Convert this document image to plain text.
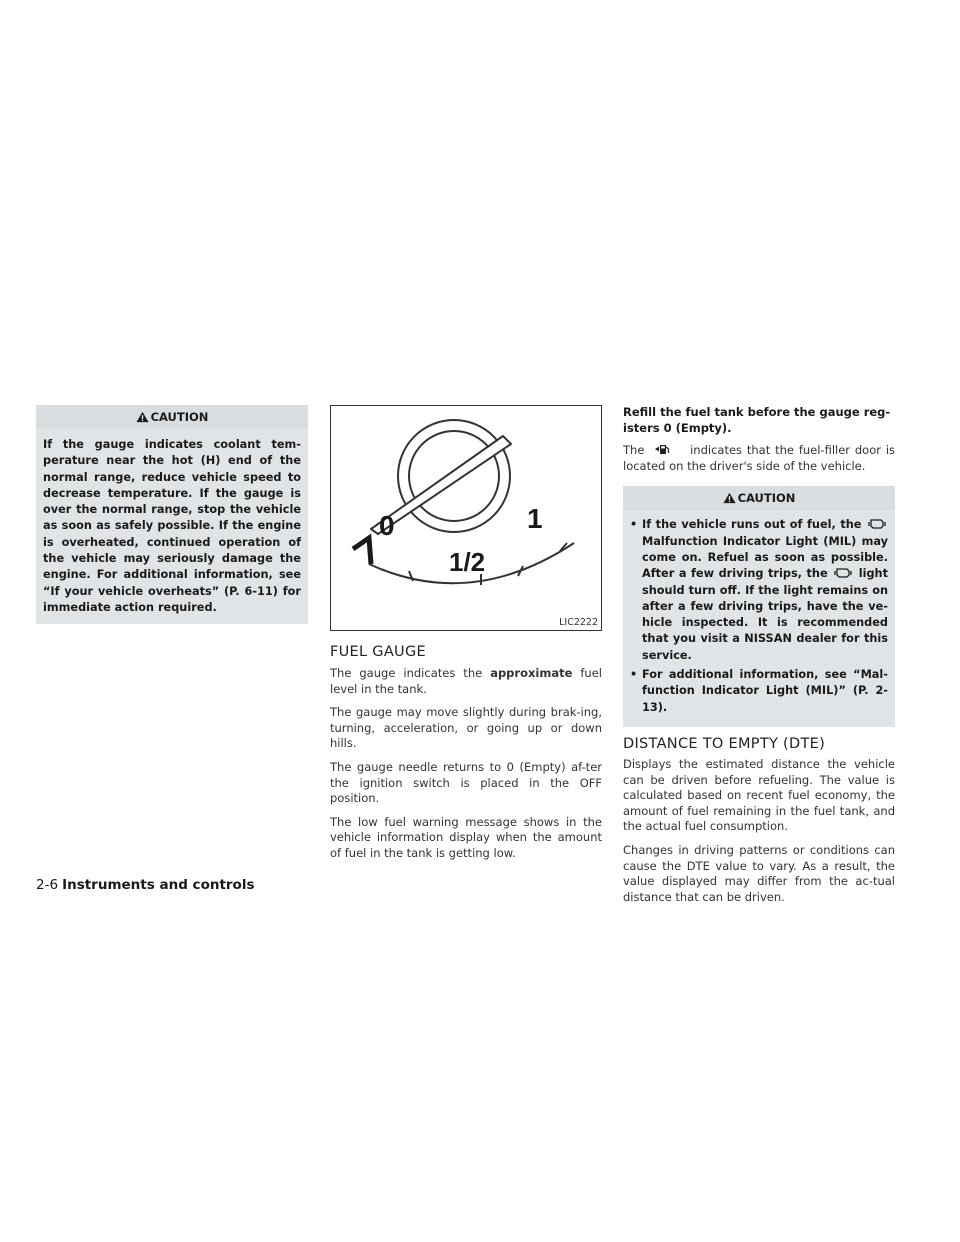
CAUTION
If the gauge indicates coolant tem-perature near the hot (H) end of the normal range, reduce vehicle speed to decrease temperature. If the gauge is over the normal range, stop the vehicle as soon as safely possible. If the engine is overheated, continued operation of the vehicle may seriously damage the engine. For additional information, see “If your vehicle overheats” (P. 6-11) for immediate action required.
0	1
1/2
LIC2222
FUEL GAUGE

The gauge indicates the approximate fuel level in the tank.

The gauge may move slightly during brak-ing, turning, acceleration, or going up or down hills.

The gauge needle returns to 0 (Empty) af-ter the ignition switch is placed in the OFF position.

The low fuel warning message shows in the vehicle information display when the amount of fuel in the tank is getting low.

Refill the fuel tank before the gauge reg-isters 0 (Empty).

The	indicates that the fuel-filler door is located on the driver's side of the vehicle.

CAUTION
• If the vehicle runs out of fuel, the  Malfunction Indicator Light (MIL) may come on. Refuel as soon as possible. After a few driving trips, the	light should turn off. If the light remains on after a few driving trips, have the ve-hicle inspected. It is recommended that you visit a NISSAN dealer for this service.
• For additional information, see “Mal-function Indicator Light (MIL)” (P. 2-13).
DISTANCE TO EMPTY (DTE)

Displays the estimated distance the vehicle can be driven before refueling. The value is calculated based on recent fuel economy, the amount of fuel remaining in the fuel tank, and the actual fuel consumption.

Changes in driving patterns or conditions can cause the DTE value to vary. As a result, the value displayed may differ from the ac-tual distance that can be driven.

2-6 Instruments and controls
